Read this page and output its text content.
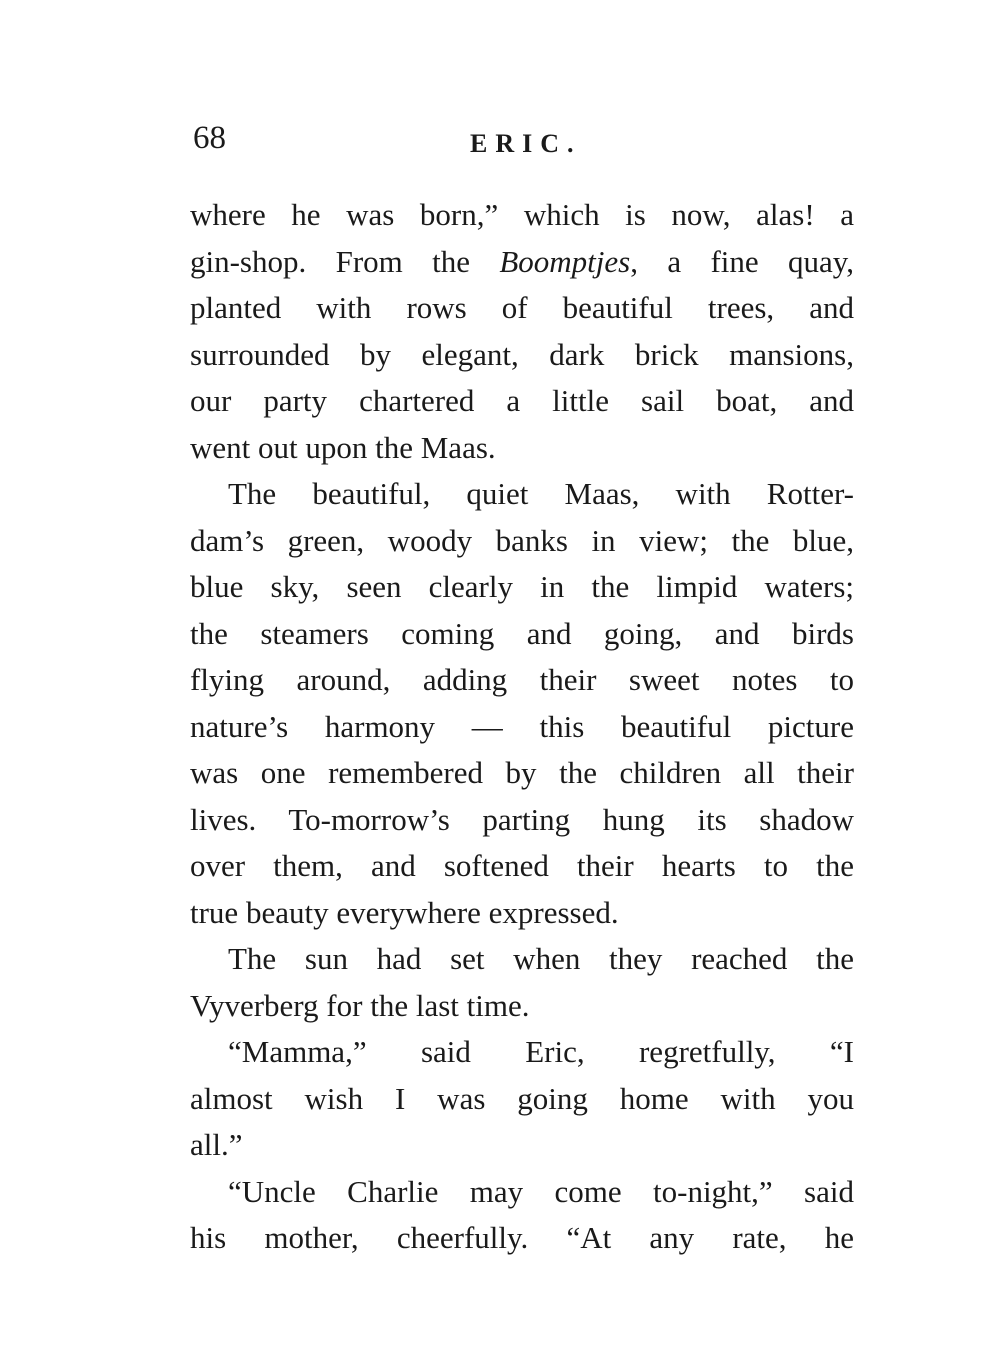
68	ERIC.
where he was born,” which is now, alas! a
gin-shop. From the Boomptjes, a fine quay,
planted with rows of beautiful trees, and
surrounded by elegant, dark brick mansions,
our party chartered a little sail boat, and
went out upon the Maas.
The beautiful, quiet Maas, with Rotter-
dam’s green, woody banks in view; the blue,
blue sky, seen clearly in the limpid waters;
the steamers coming and going, and birds
flying around, adding their sweet notes to
nature’s harmony — this beautiful picture
was one remembered by the children all their
lives. To-morrow’s parting hung its shadow
over them, and softened their hearts to the
true beauty everywhere expressed.
The sun had set when they reached the
Vyverberg for the last time.
“Mamma,” said Eric, regretfully, “I
almost wish I was going home with you
all.”
“Uncle Charlie may come to-night,” said
his mother, cheerfully. “At any rate, he
